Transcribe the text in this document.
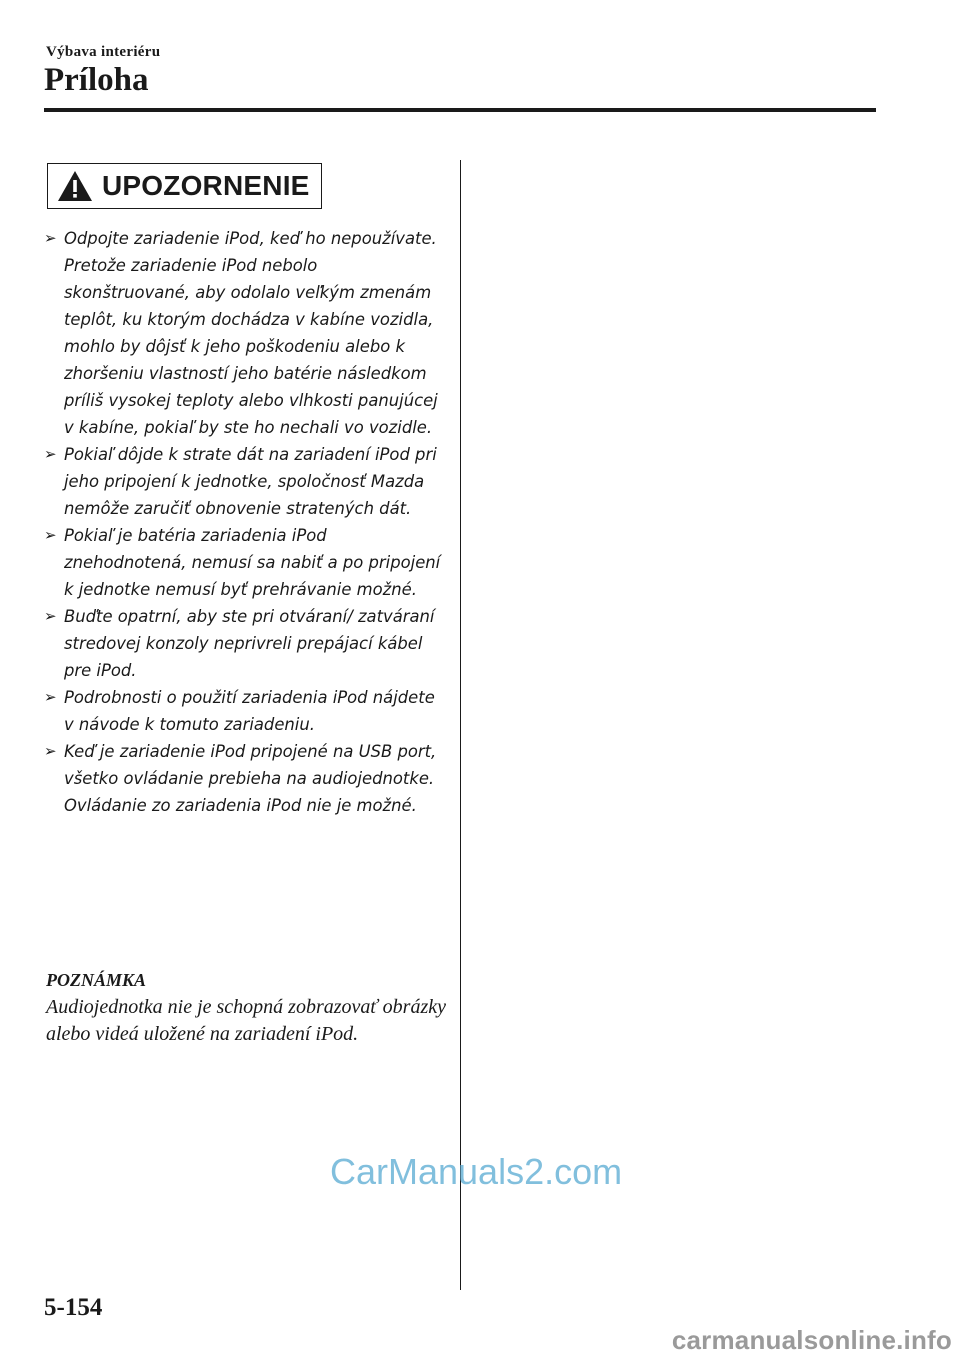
Výbava interiéru
Príloha
UPOZORNENIE
➢ Odpojte zariadenie iPod, keď ho nepoužívate. Pretože zariadenie iPod nebolo skonštruované, aby odolalo veľkým zmenám teplôt, ku ktorým dochádza v kabíne vozidla, mohlo by dôjsť k jeho poškodeniu alebo k zhoršeniu vlastností jeho batérie následkom príliš vysokej teploty alebo vlhkosti panujúcej v kabíne, pokiaľ by ste ho nechali vo vozidle.
➢ Pokiaľ dôjde k strate dát na zariadení iPod pri jeho pripojení k jednotke, spoločnosť Mazda nemôže zaručiť obnovenie stratených dát.
➢ Pokiaľ je batéria zariadenia iPod znehodnotená, nemusí sa nabiť a po pripojení k jednotke nemusí byť prehrávanie možné.
➢ Buďte opatrní, aby ste pri otváraní/ zatváraní stredovej konzoly neprivreli prepájací kábel pre iPod.
➢ Podrobnosti o použití zariadenia iPod nájdete v návode k tomuto zariadeniu.
➢ Keď je zariadenie iPod pripojené na USB port, všetko ovládanie prebieha na audiojednotke. Ovládanie zo zariadenia iPod nie je možné.
POZNÁMKA

Audiojednotka nie je schopná zobrazovať obrázky alebo videá uložené na zariadení iPod.

CarManuals2.com
5-154
carmanualsonline.info
